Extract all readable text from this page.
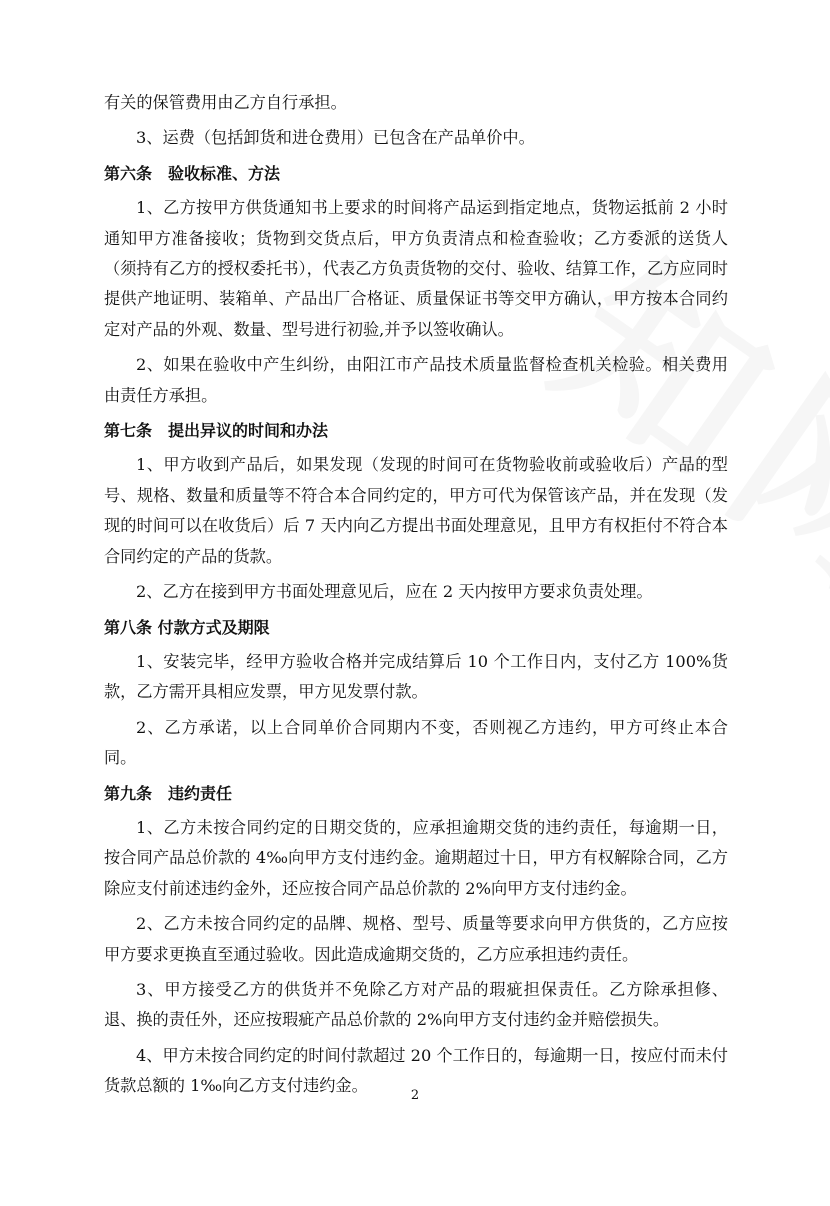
有关的保管费用由乙方自行承担。

3、运费（包括卸货和进仓费用）已包含在产品单价中。

第六条　验收标准、方法

1、乙方按甲方供货通知书上要求的时间将产品运到指定地点，货物运抵前 2 小时通知甲方准备接收；货物到交货点后，甲方负责清点和检查验收；乙方委派的送货人（须持有乙方的授权委托书），代表乙方负责货物的交付、验收、结算工作，乙方应同时提供产地证明、装箱单、产品出厂合格证、质量保证书等交甲方确认，甲方按本合同约定对产品的外观、数量、型号进行初验,并予以签收确认。

2、如果在验收中产生纠纷，由阳江市产品技术质量监督检查机关检验。相关费用由责任方承担。

第七条　提出异议的时间和办法

1、甲方收到产品后，如果发现（发现的时间可在货物验收前或验收后）产品的型号、规格、数量和质量等不符合本合同约定的，甲方可代为保管该产品，并在发现（发现的时间可以在收货后）后 7 天内向乙方提出书面处理意见，且甲方有权拒付不符合本合同约定的产品的货款。

2、乙方在接到甲方书面处理意见后，应在 2 天内按甲方要求负责处理。

第八条 付款方式及期限

1、安装完毕，经甲方验收合格并完成结算后 10 个工作日内，支付乙方 100%货款，乙方需开具相应发票，甲方见发票付款。

2、乙方承诺，以上合同单价合同期内不变，否则视乙方违约，甲方可终止本合同。

第九条　违约责任

1、乙方未按合同约定的日期交货的，应承担逾期交货的违约责任，每逾期一日，按合同产品总价款的 4‰向甲方支付违约金。逾期超过十日，甲方有权解除合同，乙方除应支付前述违约金外，还应按合同产品总价款的 2%向甲方支付违约金。

2、乙方未按合同约定的品牌、规格、型号、质量等要求向甲方供货的，乙方应按甲方要求更换直至通过验收。因此造成逾期交货的，乙方应承担违约责任。

3、甲方接受乙方的供货并不免除乙方对产品的瑕疵担保责任。乙方除承担修、退、换的责任外，还应按瑕疵产品总价款的 2%向甲方支付违约金并赔偿损失。

4、甲方未按合同约定的时间付款超过 20 个工作日的，每逾期一日，按应付而未付货款总额的 1‰向乙方支付违约金。

2
